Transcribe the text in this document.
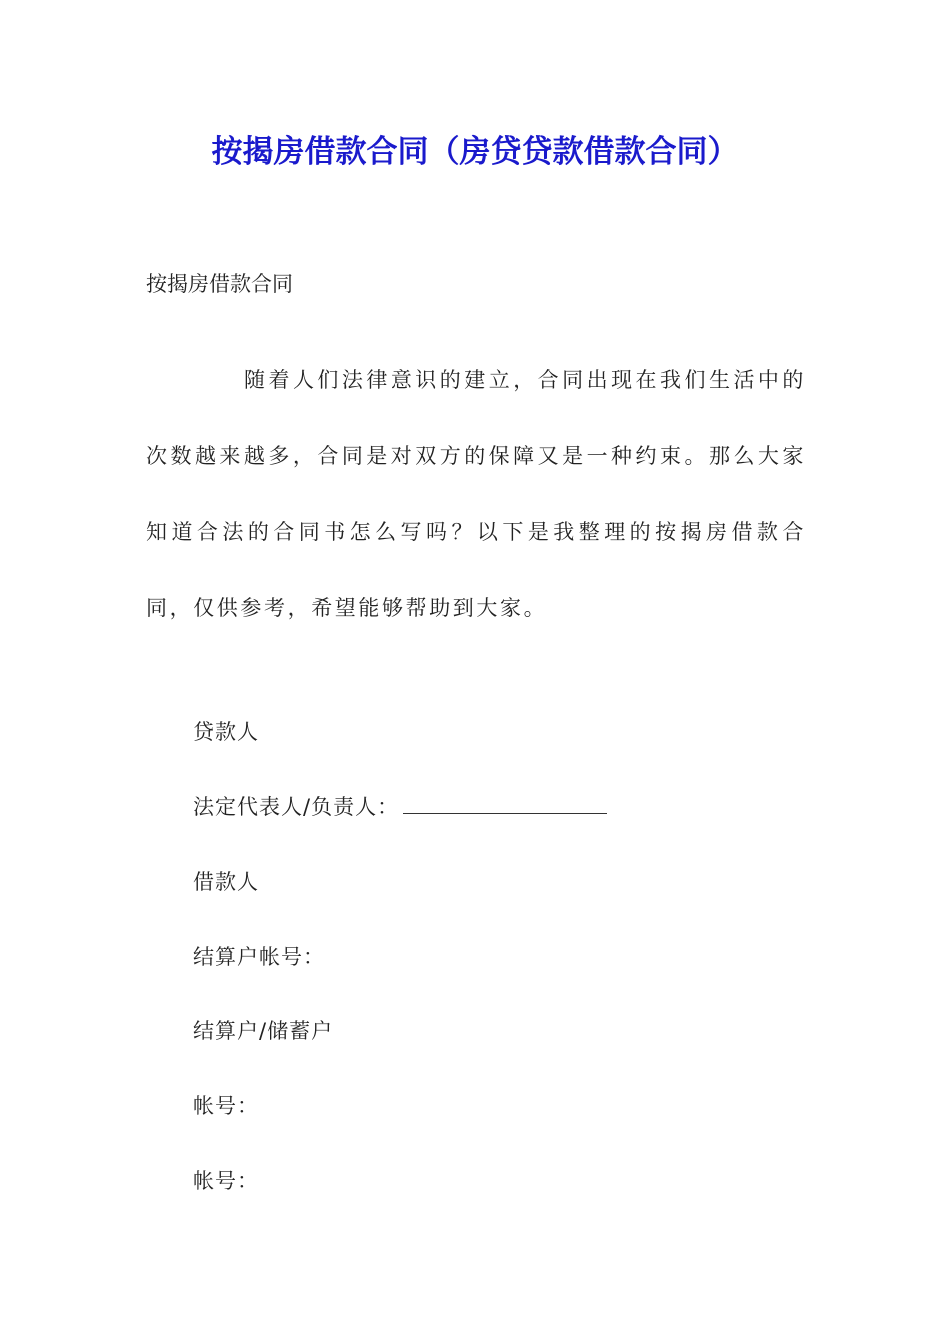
按揭房借款合同（房贷贷款借款合同）
按揭房借款合同
随着人们法律意识的建立，合同出现在我们生活中的次数越来越多，合同是对双方的保障又是一种约束。那么大家知道合法的合同书怎么写吗？以下是我整理的按揭房借款合同，仅供参考，希望能够帮助到大家。
贷款人
法定代表人/负责人：
借款人
结算户帐号：
结算户/储蓄户
帐号：
帐号：
